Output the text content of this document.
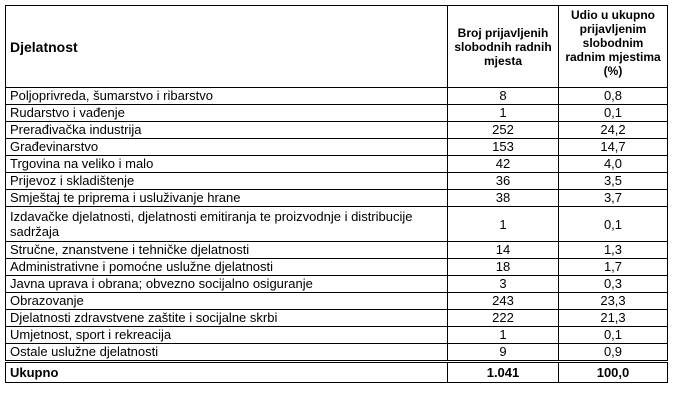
Djelatnost	Broj prijavljenih slobodnih radnih mjesta	Udio u ukupno prijavljenim slobodnim radnim mjestima (%)
Poljoprivreda, šumarstvo i ribarstvo	8	0,8
Rudarstvo i vađenje	1	0,1
Prerađivačka industrija	252	24,2
Građevinarstvo	153	14,7
Trgovina na veliko i malo	42	4,0
Prijevoz i skladištenje	36	3,5
Smještaj te priprema i usluživanje hrane	38	3,7
Izdavačke djelatnosti, djelatnosti emitiranja te proizvodnje i distribucije sadržaja	1	0,1
Stručne, znanstvene i tehničke djelatnosti	14	1,3
Administrativne i pomoćne uslužne djelatnosti	18	1,7
Javna uprava i obrana; obvezno socijalno osiguranje	3	0,3
Obrazovanje	243	23,3
Djelatnosti zdravstvene zaštite i socijalne skrbi	222	21,3
Umjetnost, sport i rekreacija	1	0,1
Ostale uslužne djelatnosti	9	0,9
Ukupno	1.041	100,0
